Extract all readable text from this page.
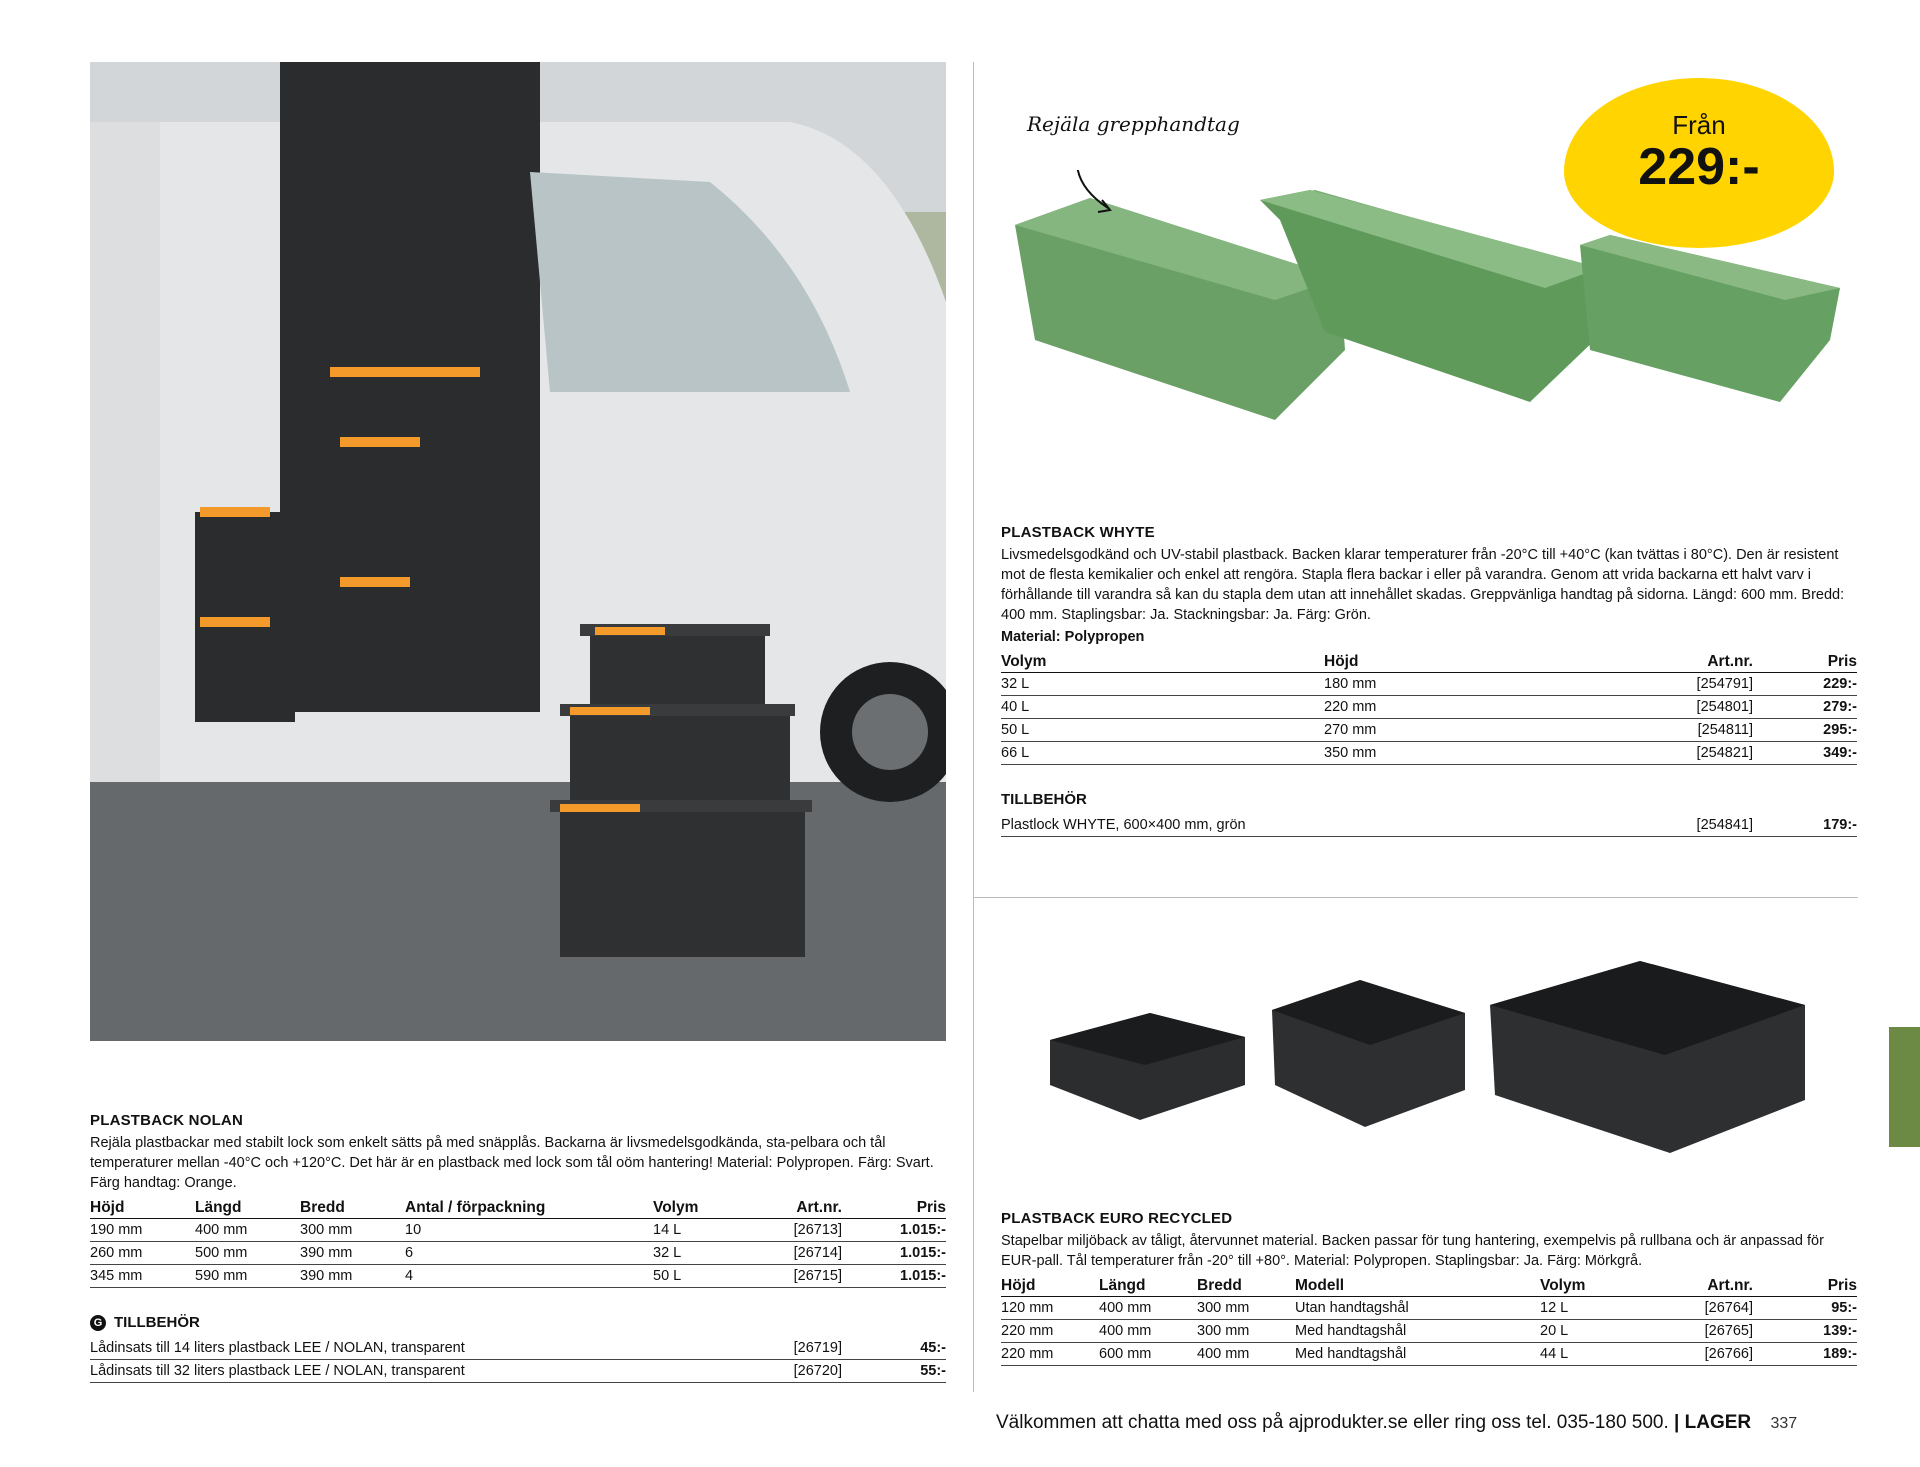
Rejäla grepphandtag	Från
229:-
PLASTBACK WHYTE
Livsmedelsgodkänd och UV-stabil plastback. Backen klarar temperaturer från -20°C till +40°C (kan tvättas i 80°C). Den är resistent mot de flesta kemikalier och enkel att rengöra. Stapla flera backar i eller på varandra. Genom att vrida backarna ett halvt varv i förhållande till varandra så kan du stapla dem utan att innehållet skadas. Greppvänliga handtag på sidorna. Längd: 600 mm. Bredd: 400 mm. Staplingsbar: Ja. Stackningsbar: Ja. Färg: Grön.
Material: Polypropen
Volym	Höjd	Art.nr.	Pris
32 L	180 mm	[254791]	229:-
40 L	220 mm	[254801]	279:-
50 L	270 mm	[254811]	295:-
66 L	350 mm	[254821]	349:-
TILLBEHÖR
Plastlock WHYTE, 600×400 mm, grön	[254841]	179:-
PLASTBACK EURO RECYCLED
Stapelbar miljöback av tåligt, återvunnet material. Backen passar för tung hantering, exempelvis på rullbana och är anpassad för EUR-pall. Tål temperaturer från -20° till +80°. Material: Polypropen. Staplingsbar: Ja. Färg: Mörkgrå.
Höjd	Längd	Bredd	Modell	Volym	Art.nr.	Pris
120 mm	400 mm	300 mm	Utan handtagshål	12 L	[26764]	95:-
220 mm	400 mm	300 mm	Med handtagshål	20 L	[26765]	139:-
220 mm	600 mm	400 mm	Med handtagshål	44 L	[26766]	189:-
PLASTBACK NOLAN
Rejäla plastbackar med stabilt lock som enkelt sätts på med snäpplås. Backarna är livsmedelsgodkända, sta-pelbara och tål temperaturer mellan -40°C och +120°C. Det här är en plastback med lock som tål oöm hantering! Material: Polypropen. Färg: Svart. Färg handtag: Orange.
Höjd	Längd	Bredd	Antal / förpackning	Volym	Art.nr.	Pris
190 mm	400 mm	300 mm	10	14 L	[26713]	1.015:-
260 mm	500 mm	390 mm	6	32 L	[26714]	1.015:-
345 mm	590 mm	390 mm	4	50 L	[26715]	1.015:-
G TILLBEHÖR
Lådinsats till 14 liters plastback LEE / NOLAN, transparent	[26719]	45:-
Lådinsats till 32 liters plastback LEE / NOLAN, transparent	[26720]	55:-
Välkommen att chatta med oss på ajprodukter.se eller ring oss tel. 035-180 500. | LAGER 337
